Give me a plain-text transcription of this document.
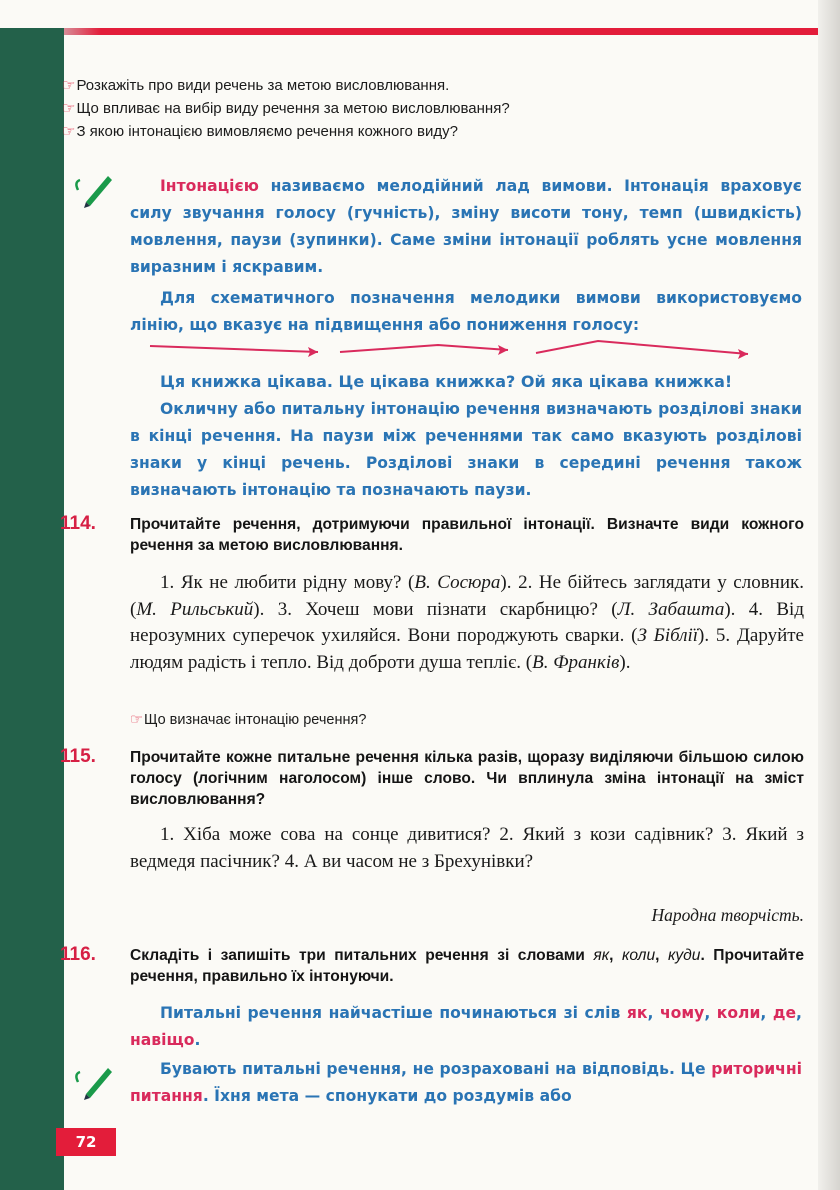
☞Розкажіть про види речень за метою висловлювання.
☞Що впливає на вибір виду речення за метою висловлювання?
☞З якою інтонацією вимовляємо речення кожного виду?

Інтонацією називаємо мелодійний лад вимови. Інтонація враховує силу звучання голосу (гучність), зміну висоти тону, темп (швидкість) мовлення, паузи (зупинки). Саме зміни інтонації роблять усне мовлення виразним і яскравим.

Для схематичного позначення мелодики вимови використовуємо лінію, що вказує на підвищення або пониження голосу:

Ця книжка цікава. Це цікава книжка? Ой яка цікава книжка!

Окличну або питальну інтонацію речення визначають розділові знаки в кінці речення. На паузи між реченнями так само вказують розділові знаки у кінці речень. Розділові знаки в середині речення також визначають інтонацію та позначають паузи.

114. Прочитайте речення, дотримуючи правильної інтонації. Визначте види кожного речення за метою висловлювання.
1. Як не любити рідну мову? (В. Сосюра). 2. Не бійтесь заглядати у словник. (М. Рильський). 3. Хочеш мови пізнати скарбницю? (Л. Забашта). 4. Від нерозумних суперечок ухиляйся. Вони породжують сварки. (З Біблії). 5. Даруйте людям радість і тепло. Від доброти душа тепліє. (В. Франків).
☞Що визначає інтонацію речення?
115. Прочитайте кожне питальне речення кілька разів, щоразу виділяючи більшою силою голосу (логічним наголосом) інше слово. Чи вплинула зміна інтонації на зміст висловлювання?
1. Хіба може сова на сонце дивитися? 2. Який з кози садівник? 3. Який з ведмедя пасічник? 4. А ви часом не з Брехунівки?
Народна творчість.
116. Складіть і запишіть три питальних речення зі словами як, коли, куди. Прочитайте речення, правильно їх інтонуючи.

Питальні речення найчастіше починаються зі слів як, чому, коли, де, навіщо.

Бувають питальні речення, не розраховані на відповідь. Це риторичні питання. Їхня мета — спонукати до роздумів або

72
